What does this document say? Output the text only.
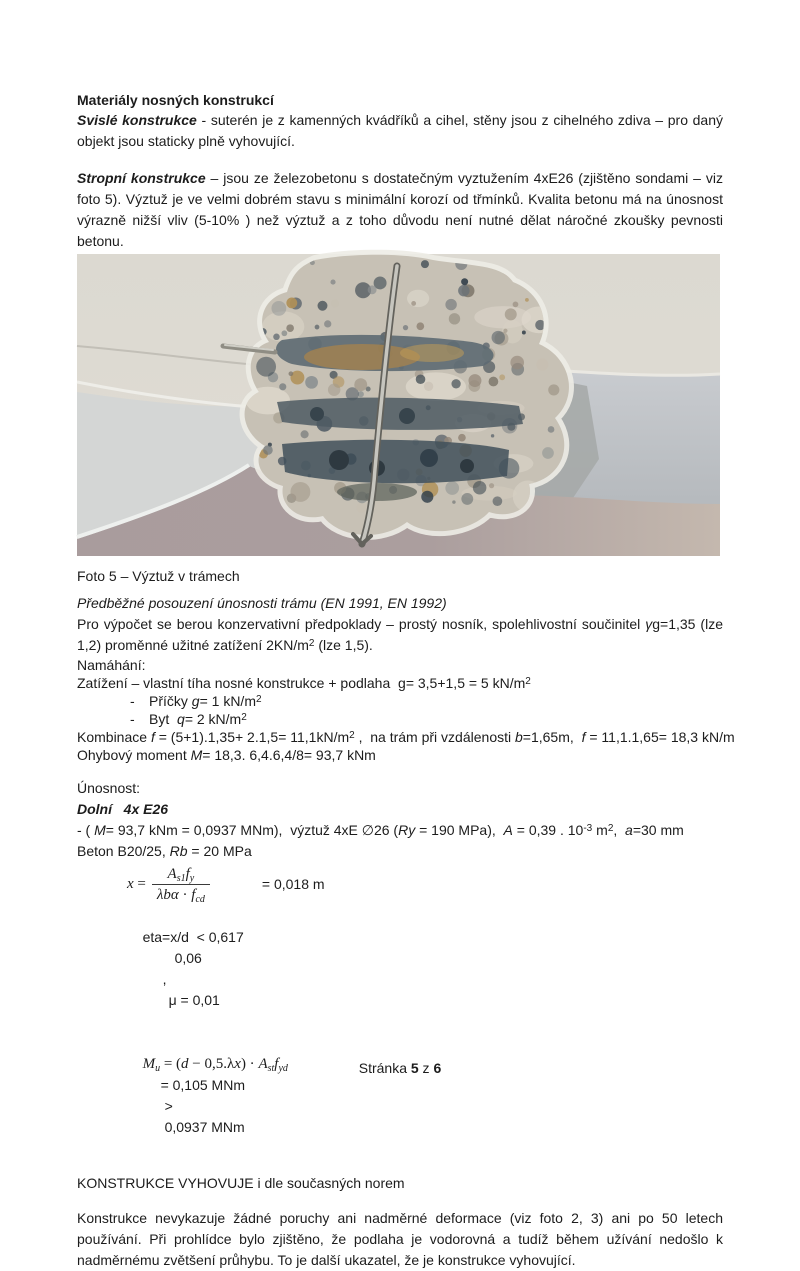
Materiály nosných konstrukcí

Svislé konstrukce - suterén je z kamenných kvádříků a cihel, stěny jsou z cihelného zdiva – pro daný objekt jsou staticky plně vyhovující.

Stropní konstrukce – jsou ze železobetonu s dostatečným vyztužením 4xE26 (zjištěno sondami – viz foto 5). Výztuž je ve velmi dobrém stavu s minimální korozí od třmínků. Kvalita betonu má na únosnost výrazně nižší vliv (5-10% ) než výztuž a z toho důvodu není nutné dělat náročné zkoušky pevnosti betonu.

Foto 5 – Výztuž v trámech

Předběžné posouzení únosnosti trámu (EN 1991, EN 1992)

Pro výpočet se berou konzervativní předpoklady – prostý nosník, spolehlivostní součinitel γg=1,35 (lze 1,2) proměnné užitné zatížení $2KN/m^2$ (lze 1,5).

Namáhání:

Zatížení – vlastní tíha nosné konstrukce + podlaha  g= 3,5+1,5 = 5 $kN/m^2$

- Příčky g= 1 $kN/m^2$
- Byt  q= 2 $kN/m^2$

Kombinace $f = (5+1).1,35+ 2.1,5= 11,1kN/m^2$ ,  na trám při vzdálenosti b=1,65m,  f = 11,1.1,65= 18,3 kN/m

Ohybový moment M= 18,3. 6,4.6,4/8= 93,7 kNm

Únosnost:

Dolní   4x E26

- ( M= 93,7 kNm = 0,0937 MNm),  výztuž 4xE ∅26 (Ry = 190 MPa),  A = 0,39 . $10^{-3}$ $m^2$,  a=30 mm

Beton B20/25, Rb = 20 MPa

$x = \frac{A_{s1}f_y}{\lambda b\alpha \cdot f_{cd}}$	= 0,018 m

eta=x/d  < 0,617
0,06
,
μ = 0,01

$M_u = (d - 0,5.\lambda x) \cdot A_{st}f_{yd}$
= 0,105 MNm
>
0,0937 MNm

KONSTRUKCE VYHOVUJE i dle současných norem

Konstrukce nevykazuje žádné poruchy ani nadměrné deformace (viz foto 2, 3) ani po 50 letech používání. Při prohlídce bylo zjištěno, že podlaha je vodorovná a tudíž během užívání nedošlo k nadměrnému zvětšení průhybu. To je další ukazatel, že je konstrukce vyhovující.

Stránka 5 z 6
